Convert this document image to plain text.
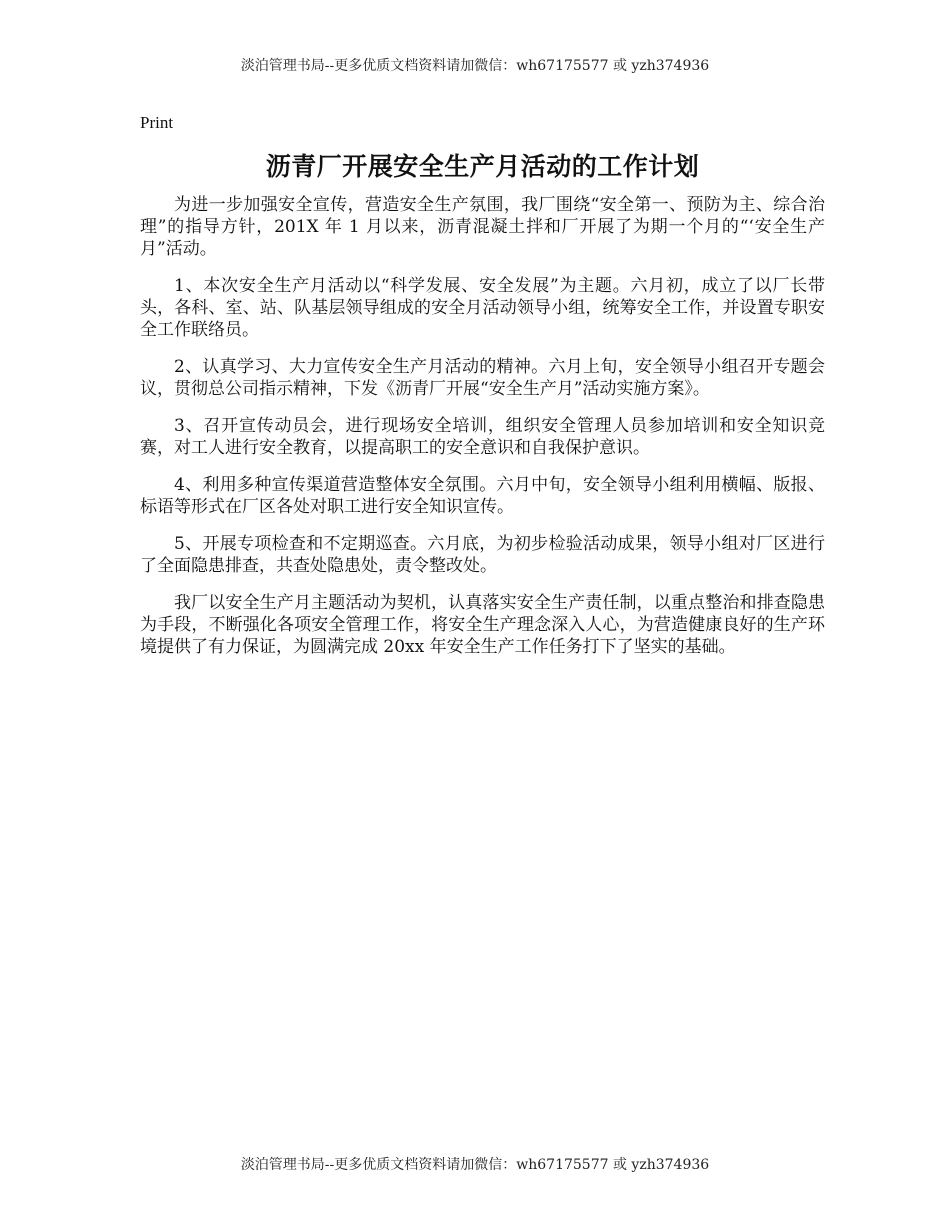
淡泊管理书局--更多优质文档资料请加微信：wh67175577 或 yzh374936
Print
沥青厂开展安全生产月活动的工作计划

为进一步加强安全宣传，营造安全生产氛围，我厂围绕“安全第一、预防为主、综合治理”的指导方针，201X 年 1 月以来，沥青混凝土拌和厂开展了为期一个月的“‘安全生产月”活动。

1、本次安全生产月活动以“科学发展、安全发展”为主题。六月初，成立了以厂长带头，各科、室、站、队基层领导组成的安全月活动领导小组，统筹安全工作，并设置专职安全工作联络员。

2、认真学习、大力宣传安全生产月活动的精神。六月上旬，安全领导小组召开专题会议，贯彻总公司指示精神，下发《沥青厂开展“安全生产月”活动实施方案》。

3、召开宣传动员会，进行现场安全培训，组织安全管理人员参加培训和安全知识竞赛，对工人进行安全教育，以提高职工的安全意识和自我保护意识。

4、利用多种宣传渠道营造整体安全氛围。六月中旬，安全领导小组利用横幅、版报、标语等形式在厂区各处对职工进行安全知识宣传。

5、开展专项检查和不定期巡查。六月底，为初步检验活动成果，领导小组对厂区进行了全面隐患排查，共查处隐患处，责令整改处。

我厂以安全生产月主题活动为契机，认真落实安全生产责任制，以重点整治和排查隐患为手段，不断强化各项安全管理工作，将安全生产理念深入人心，为营造健康良好的生产环境提供了有力保证，为圆满完成 20xx 年安全生产工作任务打下了坚实的基础。

淡泊管理书局--更多优质文档资料请加微信：wh67175577 或 yzh374936
